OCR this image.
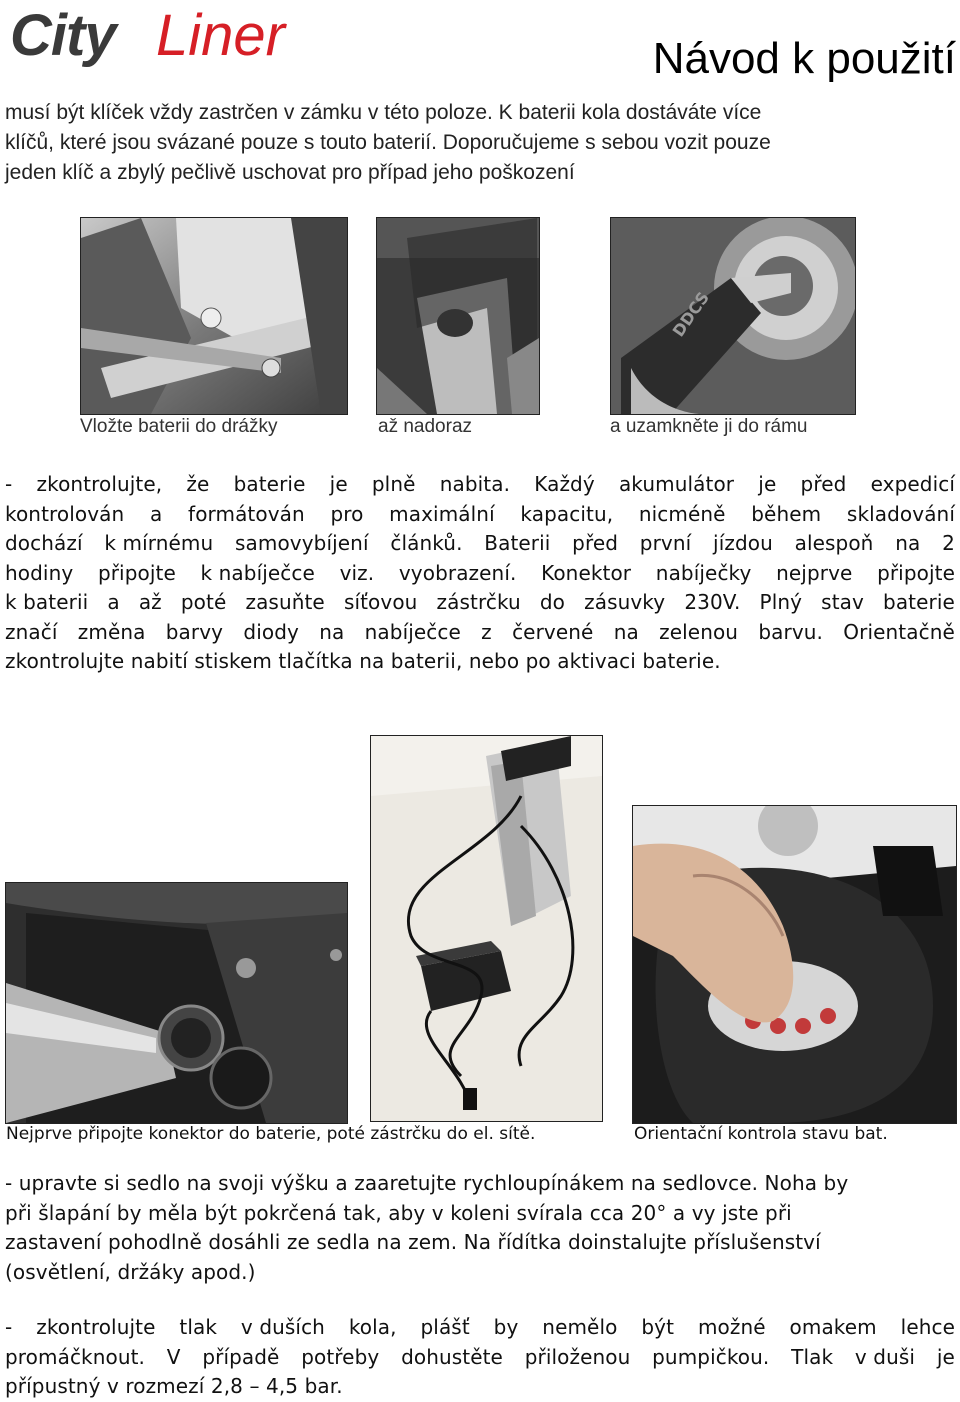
City Liner	Návod k použití
musí být klíček vždy zastrčen v zámku v této poloze. K baterii kola dostáváte více
klíčů, které jsou svázané pouze s touto baterií. Doporučujeme s sebou vozit pouze
jeden klíč a zbylý pečlivě uschovat pro případ jeho poškození
DDCS
Vložte baterii do drážky	až nadoraz	a uzamkněte ji do rámu
- zkontrolujte, že baterie je plně nabita. Každý akumulátor je před expedicí
kontrolován a formátován pro maximální kapacitu, nicméně během skladování
dochází k mírnému samovybíjení článků. Baterii před první jízdou alespoň na 2
hodiny připojte k nabíječce viz. vyobrazení. Konektor nabíječky nejprve připojte
k baterii a až poté zasuňte síťovou zástrčku do zásuvky 230V. Plný stav baterie
značí změna barvy diody na nabíječce z červené na zelenou barvu. Orientačně
zkontrolujte nabití stiskem tlačítka na baterii, nebo po aktivaci baterie.
Nejprve připojte konektor do baterie, poté zástrčku do el. sítě.	Orientační kontrola stavu bat.
- upravte si sedlo na svoji výšku a zaaretujte rychloupínákem na sedlovce. Noha by
při šlapání by měla být pokrčená tak, aby v koleni svírala cca 20° a vy jste při
zastavení pohodlně dosáhli ze sedla na zem. Na řídítka doinstalujte příslušenství
(osvětlení, držáky apod.)
- zkontrolujte tlak v duších kola, plášť by nemělo být možné omakem lehce
promáčknout. V případě potřeby dohustěte přiloženou pumpičkou. Tlak v duši je
přípustný v rozmezí 2,8 – 4,5 bar.
